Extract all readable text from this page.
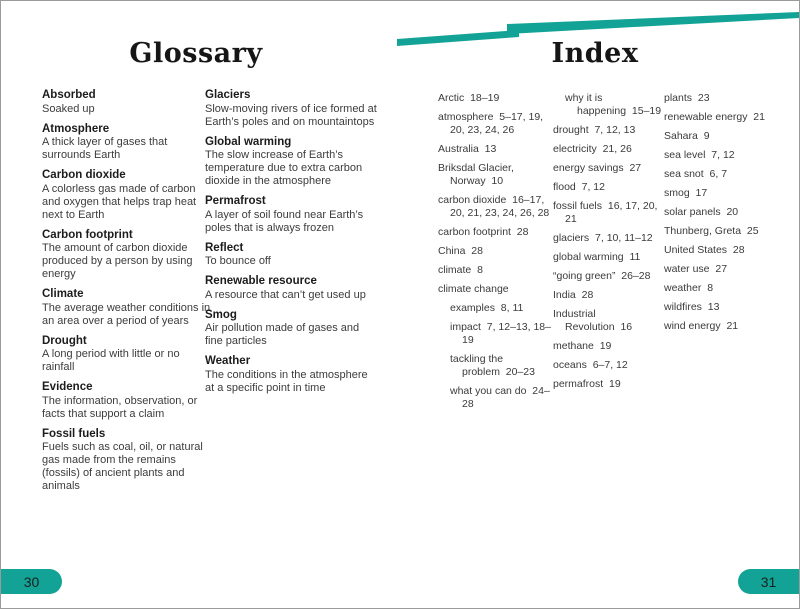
Glossary
Absorbed
Soaked up
Atmosphere
A thick layer of gases that surrounds Earth
Carbon dioxide
A colorless gas made of carbon and oxygen that helps trap heat next to Earth
Carbon footprint
The amount of carbon dioxide produced by a person by using energy
Climate
The average weather conditions in an area over a period of years
Drought
A long period with little or no rainfall
Evidence
The information, observation, or facts that support a claim
Fossil fuels
Fuels such as coal, oil, or natural gas made from the remains (fossils) of ancient plants and animals
Glaciers
Slow-moving rivers of ice formed at Earth’s poles and on mountaintops
Global warming
The slow increase of Earth’s temperature due to extra carbon dioxide in the atmosphere
Permafrost
A layer of soil found near Earth’s poles that is always frozen
Reflect
To bounce off
Renewable resource
A resource that can’t get used up
Smog
Air pollution made of gases and fine particles
Weather
The conditions in the atmosphere at a specific point in time
Index
Arctic  18–19
atmosphere  5–17, 19, 20, 23, 24, 26
Australia  13
Briksdal Glacier, Norway  10
carbon dioxide  16–17, 20, 21, 23, 24, 26, 28
carbon footprint  28
China  28
climate  8
climate change
examples  8, 11
impact  7, 12–13, 18–19
tackling the problem  20–23
what you can do  24–28
why it is happening  15–19
drought  7, 12, 13
electricity  21, 26
energy savings  27
flood  7, 12
fossil fuels  16, 17, 20, 21
glaciers  7, 10, 11–12
global warming  11
“going green”  26–28
India  28
Industrial Revolution  16
methane  19
oceans  6–7, 12
permafrost  19
plants  23
renewable energy  21
Sahara  9
sea level  7, 12
sea snot  6, 7
smog  17
solar panels  20
Thunberg, Greta  25
United States  28
water use  27
weather  8
wildfires  13
wind energy  21
30	31
